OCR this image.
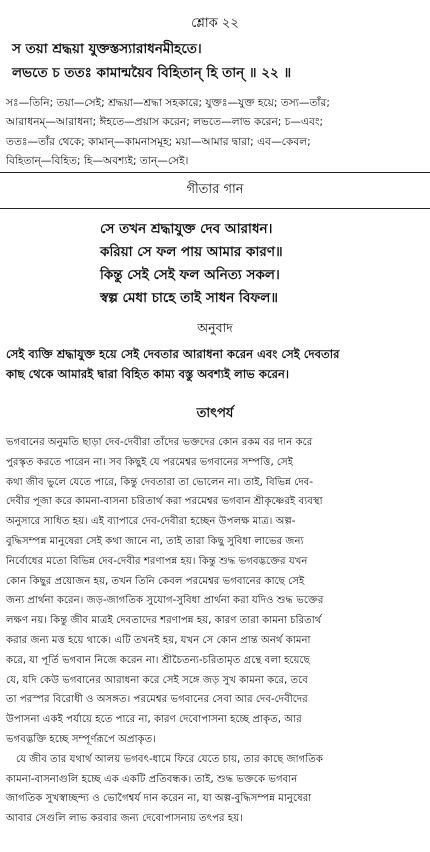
শ্লোক ২২
স তয়া শ্রদ্ধয়া যুক্তস্তস্যারাধনমীহতে।
লভতে চ ততঃ কামান্ময়ৈব বিহিতান্ হি তান্ ॥ ২২ ॥
সঃ—তিনি; তয়া—সেই; শ্রদ্ধয়া—শ্রদ্ধা সহকারে; যুক্তঃ—যুক্ত হয়ে; তস্য—তাঁর;
আরাধনম্—আরাধনা; ঈহতে—প্রয়াস করেন; লভতে—লাভ করেন; চ—এবং;
ততঃ—তাঁর থেকে; কামান্—কামনাসমূহ; ময়া—আমার দ্বারা; এব—কেবল;
বিহিতান্—বিহিত; হি—অবশ্যই; তান্—সেই।
গীতার গান
সে তখন শ্রদ্ধাযুক্ত দেব আরাধন।
করিয়া সে ফল পায় আমার কারণ॥
কিন্তু সেই সেই ফল অনিত্য সকল।
স্বল্প মেধা চাহে তাই সাধন বিফল॥
অনুবাদ
সেই ব্যক্তি শ্রদ্ধাযুক্ত হয়ে সেই দেবতার আরাধনা করেন এবং সেই দেবতার
কাছ থেকে আমারই দ্বারা বিহিত কাম্য বস্তু অবশ্যই লাভ করেন।
তাৎপর্য
ভগবানের অনুমতি ছাড়া দেব-দেবীরা তাঁদের ভক্তদের কোন রকম বর দান করে
পুরস্কৃত করতে পারেন না। সব কিছুই যে পরমেশ্বর ভগবানের সম্পত্তি, সেই
কথা জীব ভুলে যেতে পারে, কিন্তু দেবতারা তা ভোলেন না। তাই, বিভিন্ন দেব-
দেবীর পূজা করে কামনা-বাসনা চরিতার্থ করা পরমেশ্বর ভগবান শ্রীকৃষ্ণেরই ব্যবস্থা
অনুসারে সাধিত হয়। এই ব্যাপারে দেব-দেবীরা হচ্ছেন উপলক্ষ মাত্র। অল্প-
বুদ্ধিসম্পন্ন মানুষেরা সেই কথা জানে না, তাই তারা কিছু সুবিধা লাভের জন্য
নির্বোধের মতো বিভিন্ন দেব-দেবীর শরণাপন্ন হয়। কিন্তু শুদ্ধ ভগবদ্ভক্তের যখন
কোন কিছুর প্রয়োজন হয়, তখন তিনি কেবল পরমেশ্বর ভগবানের কাছে সেই
জন্য প্রার্থনা করেন। জড়-জাগতিক সুযোগ-সুবিধা প্রার্থনা করা যদিও শুদ্ধ ভক্তের
লক্ষণ নয়। কিন্তু জীব মাত্রই দেবতাদের শরণাপন্ন হয়, কারণ তারা কামনা চরিতার্থ
করার জন্য মত্ত হয়ে থাকে। এটি তখনই হয়, যখন সে কোন প্রান্ত অনর্থ কামনা
করে, যা পূর্তি ভগবান নিজে করেন না। শ্রীচৈতন্য-চরিতামৃত গ্রন্থে বলা হয়েছে
যে, যদি কেউ ভগবানের আরাধনা করে সেই সঙ্গে জড় সুখ কামনা করে, তবে
তা পরস্পর বিরোধী ও অসঙ্গত। পরমেশ্বর ভগবানের সেবা আর দেব-দেবীদের
উপাসনা একই পর্যায়ে হতে পারে না, কারণ দেবোপাসনা হচ্ছে প্রাকৃত, আর
ভগবদ্ভক্তি হচ্ছে সম্পূর্ণরূপে অপ্রাকৃত।
যে জীব তার যথার্থ আলয় ভগবৎ-ধামে ফিরে যেতে চায়, তার কাছে জাগতিক
কামনা-বাসনাগুলি হচ্ছে এক একটি প্রতিবন্ধক। তাই, শুদ্ধ ভক্তকে ভগবান
জাগতিক সুখস্বাচ্ছন্দ্য ও ভোগৈশ্বর্য দান করেন না, যা অল্প-বুদ্ধিসম্পন্ন মানুষেরা
আবার সেগুলি লাভ করবার জন্য দেবোপাসনায় তৎপর হয়।
